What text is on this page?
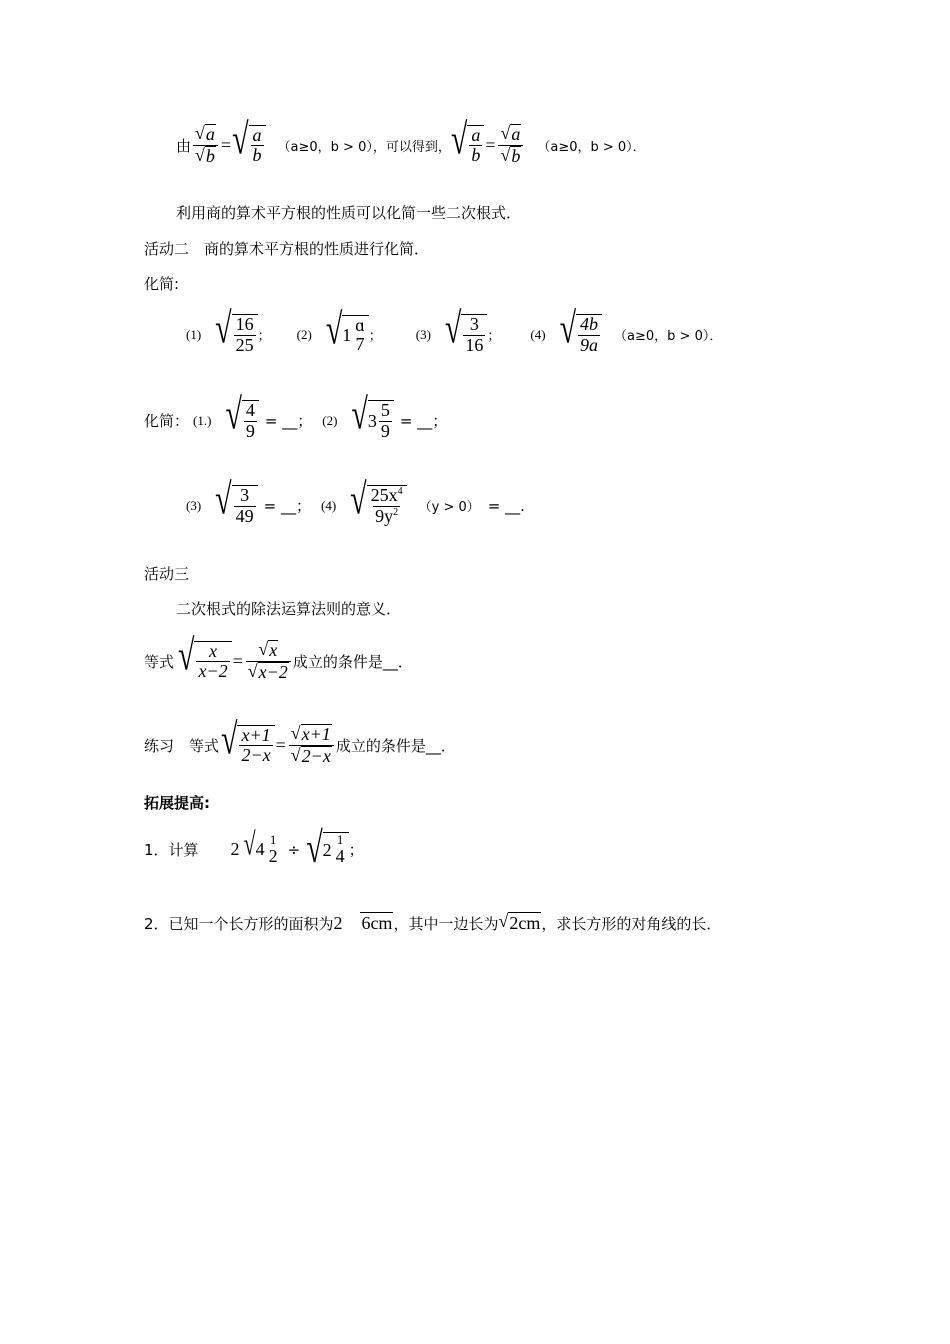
由 $\frac{√ a}{√ b}$ = √ $\frac{a}{b} (a\ge 0$，b > 0），可以得到， √ $\frac{a}{b} = \frac{√ a}{√ b} (a\ge 0$，b > 0）．
利用商的算术平方根的性质可以化简一些二次根式．
活动二　商的算术平方根的性质进行化简．
化简:
(1) √ $\frac{16}{25}$ ； (2) √ 1
ɑ
7 ；	(3) √ $\frac{3}{16}$ ； (4) √ $\frac{4b}{9a} (a\ge 0$，b > 0）．
化简： (1.) √ $\frac{4}{9}$ = __； (2) √ $3 \frac{5}{9}$ = __；
(3) √ $\frac{3}{49}$ = __； (4) √ $\frac{25x^4}{9y^2} (y > 0)$ = __.
活动三
二次根式的除法运算法则的意义．
等式 √ $\frac{x}{x-2} = \frac{√ x}{√ x-2}$ 成立的条件是__．
练习　等式 √ $\frac{x+1}{2-x} = \frac{√ x+1}{√ 2-x}$ 成立的条件是__．
拓展提高:
1．计算 2 √ 4
1
2 ÷ √ 2
1
4 ；
2．已知一个长方形的面积为 2 √ 6cm ，其中一边长为 √ 2cm ，求长方形的对角线的长．
